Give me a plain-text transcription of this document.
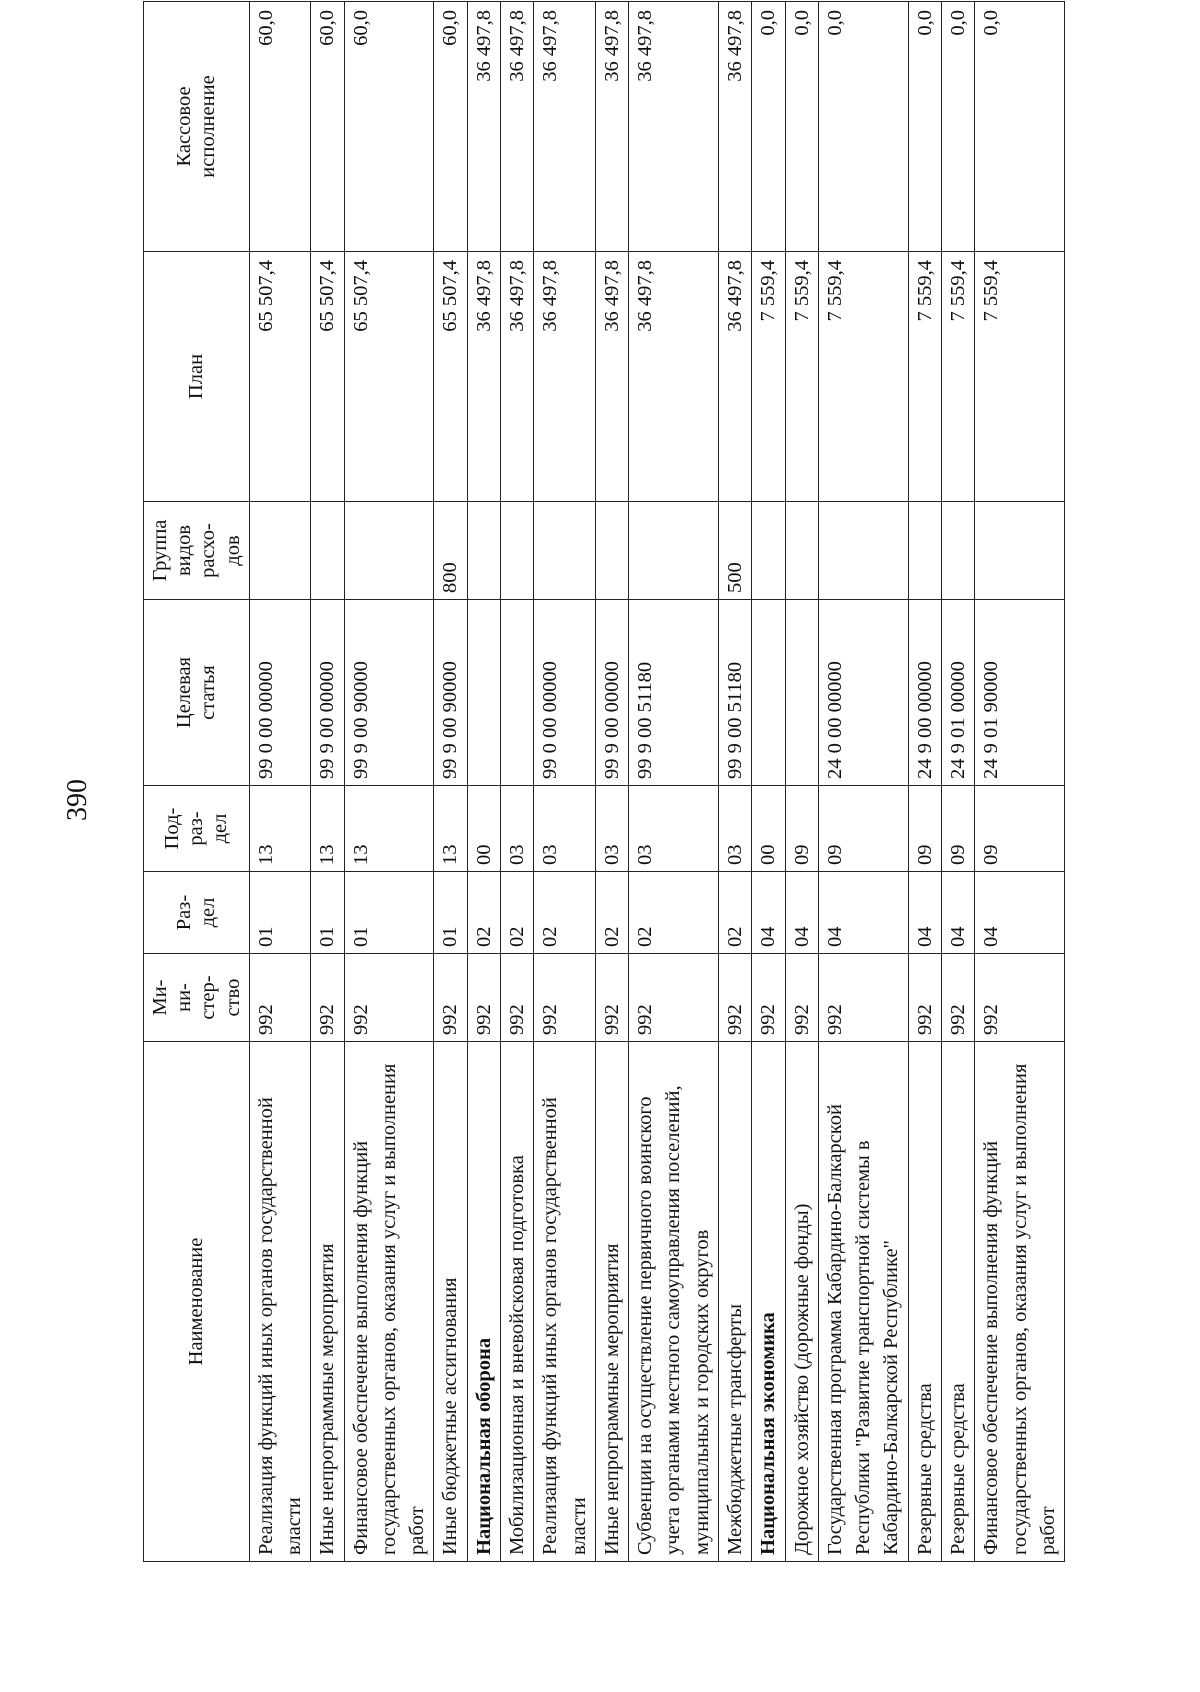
390
Наименование	Ми-
ни-
стер-
ство	Раз-
дел	Под-
раз-
дел	Целевая
статья	Группа
видов
расхо-
дов	План	Кассовое
исполнение
Реализация функций иных органов государственной власти	992	01	13	99 0 00 00000		65 507,4	60,0
Иные непрограммные мероприятия	992	01	13	99 9 00 00000		65 507,4	60,0
Финансовое обеспечение выполнения функций государственных органов, оказания услуг и выполнения работ	992	01	13	99 9 00 90000		65 507,4	60,0
Иные бюджетные ассигнования	992	01	13	99 9 00 90000	800	65 507,4	60,0
Национальная оборона	992	02	00			36 497,8	36 497,8
Мобилизационная и вневойсковая подготовка	992	02	03			36 497,8	36 497,8
Реализация функций иных органов государственной власти	992	02	03	99 0 00 00000		36 497,8	36 497,8
Иные непрограммные мероприятия	992	02	03	99 9 00 00000		36 497,8	36 497,8
Субвенции на осуществление первичного воинского учета органами местного самоуправления поселений, муниципальных и городских округов	992	02	03	99 9 00 51180		36 497,8	36 497,8
Межбюджетные трансферты	992	02	03	99 9 00 51180	500	36 497,8	36 497,8
Национальная экономика	992	04	00			7 559,4	0,0
Дорожное хозяйство (дорожные фонды)	992	04	09			7 559,4	0,0
Государственная программа Кабардино-Балкарской Республики "Развитие транспортной системы в Кабардино-Балкарской Республике"	992	04	09	24 0 00 00000		7 559,4	0,0
Резервные средства	992	04	09	24 9 00 00000		7 559,4	0,0
Резервные средства	992	04	09	24 9 01 00000		7 559,4	0,0
Финансовое обеспечение выполнения функций государственных органов, оказания услуг и выполнения работ	992	04	09	24 9 01 90000		7 559,4	0,0
